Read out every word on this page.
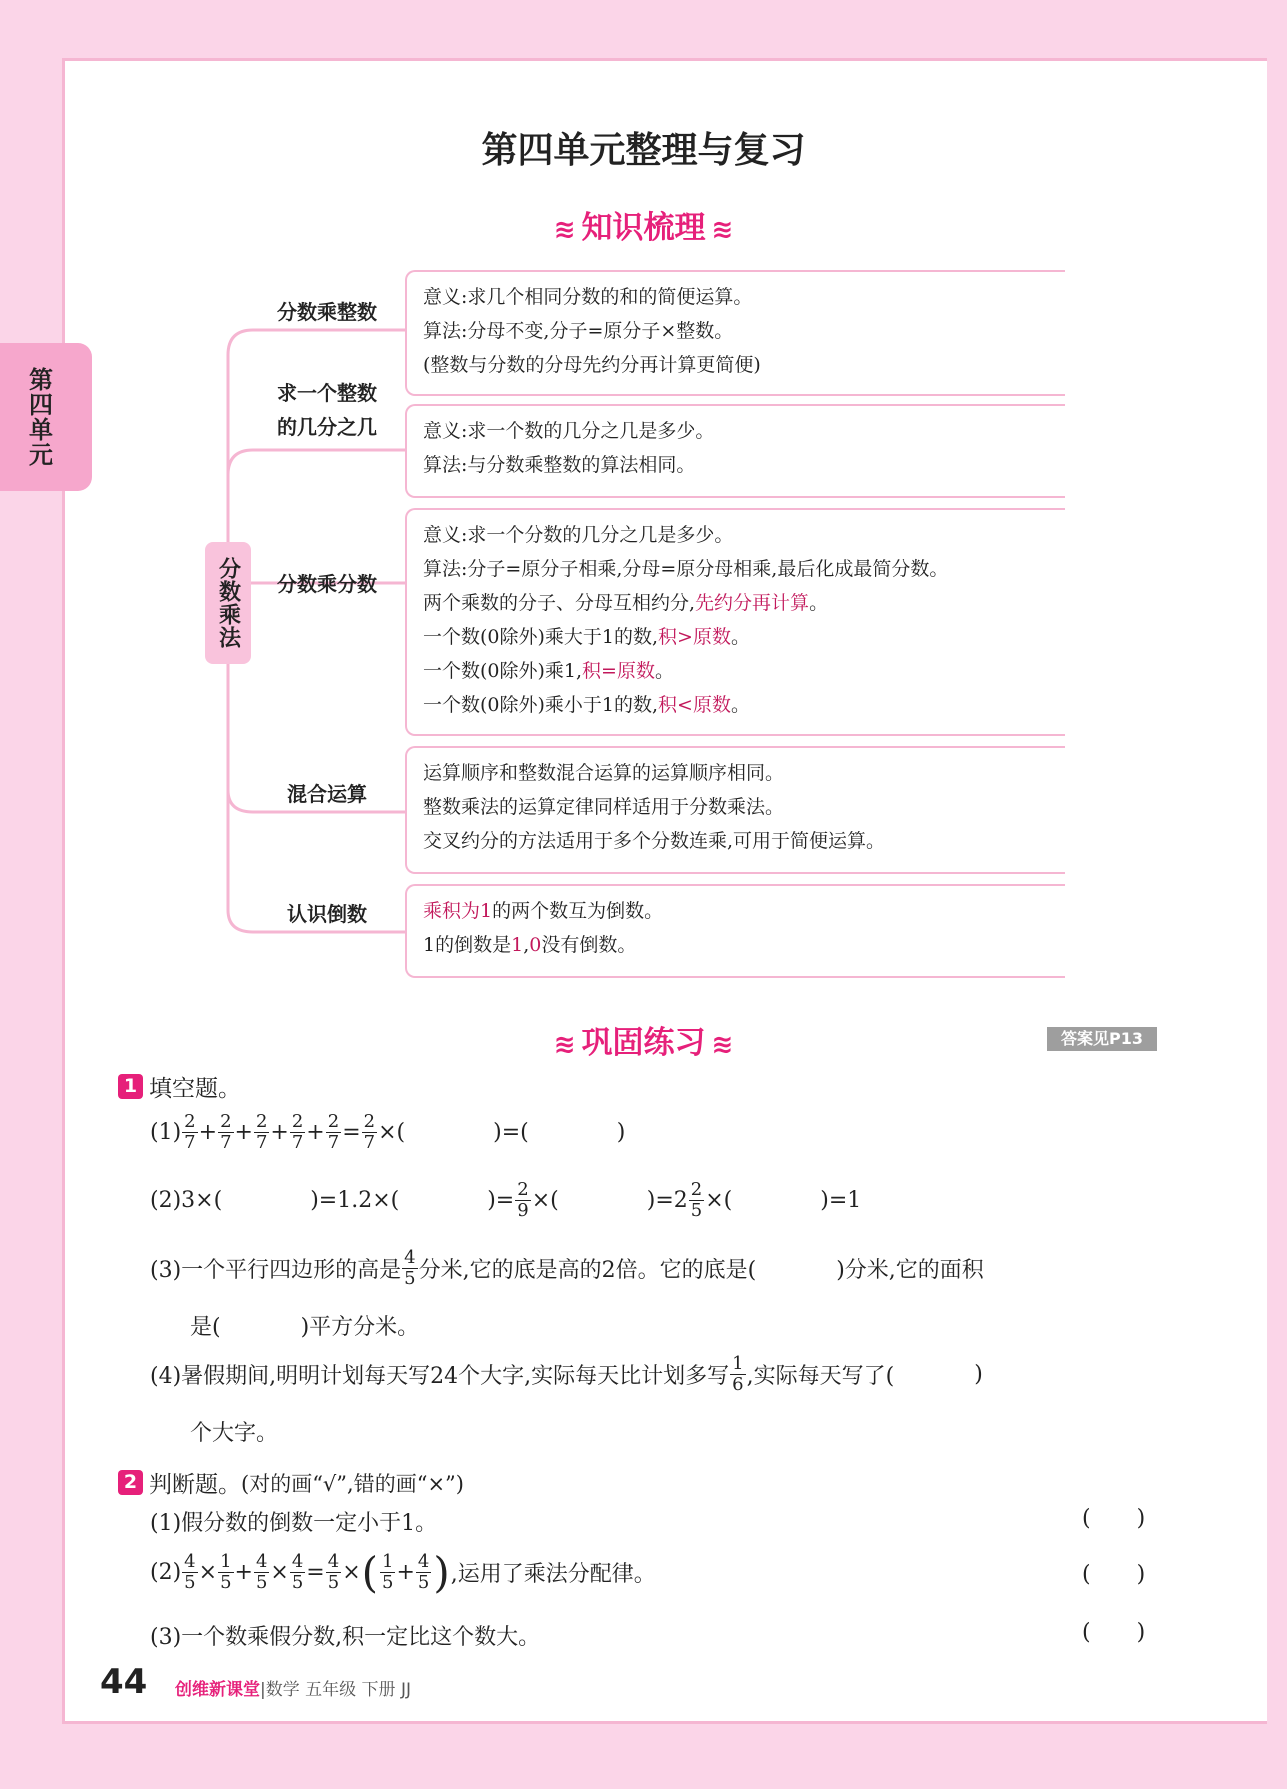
第四单元
第四单元整理与复习
≋ 知识梳理 ≋
分数乘法
分数乘整数
意义:求几个相同分数的和的简便运算。
算法:分母不变,分子=原分子×整数。
(整数与分数的分母先约分再计算更简便)
求一个整数
的几分之几	意义:求一个数的几分之几是多少。
算法:与分数乘整数的算法相同。
分数乘分数
意义:求一个分数的几分之几是多少。
算法:分子=原分子相乘,分母=原分母相乘,最后化成最简分数。
两个乘数的分子、分母互相约分,先约分再计算。
一个数(0除外)乘大于1的数,积>原数。
一个数(0除外)乘1,积=原数。
一个数(0除外)乘小于1的数,积<原数。
混合运算
运算顺序和整数混合运算的运算顺序相同。
整数乘法的运算定律同样适用于分数乘法。
交叉约分的方法适用于多个分数连乘,可用于简便运算。
认识倒数	乘积为1的两个数互为倒数。
1的倒数是1,0没有倒数。
≋ 巩固练习 ≋	答案见P13
1 填空题。
$(1) \frac{2}{7} + \frac{2}{7} + \frac{2}{7} + \frac{2}{7} + \frac{2}{7} = \frac{2}{7}$ ×(	)=(	)
(2)3×(	)=1.2×(	)= $\frac{2}{9}$ ×(	)$=2 \frac{2}{5}$ ×(	)=1
(3)一个平行四边形的高是 $\frac{4}{5}$ 分米,它的底是高的2倍。它的底是(	)分米,它的面积
是(	)平方分米。
(4)暑假期间,明明计划每天写24个大字,实际每天比计划多写 $\frac{1}{6}$ ,实际每天写了(	)
个大字。
2 判断题。 (对的画“√”,错的画“×”)
(1)假分数的倒数一定小于1。	( )
$(2) \frac{4}{5} \times \frac{1}{5} + \frac{4}{5} \times \frac{4}{5} = \frac{4}{5}$ × ( $\frac{1}{5} + \frac{4}{5}$ ) ,运用了乘法分配律。	( )
(3)一个数乘假分数,积一定比这个数大。	( )
44 创维新课堂|数学 五年级 下册 JJ
